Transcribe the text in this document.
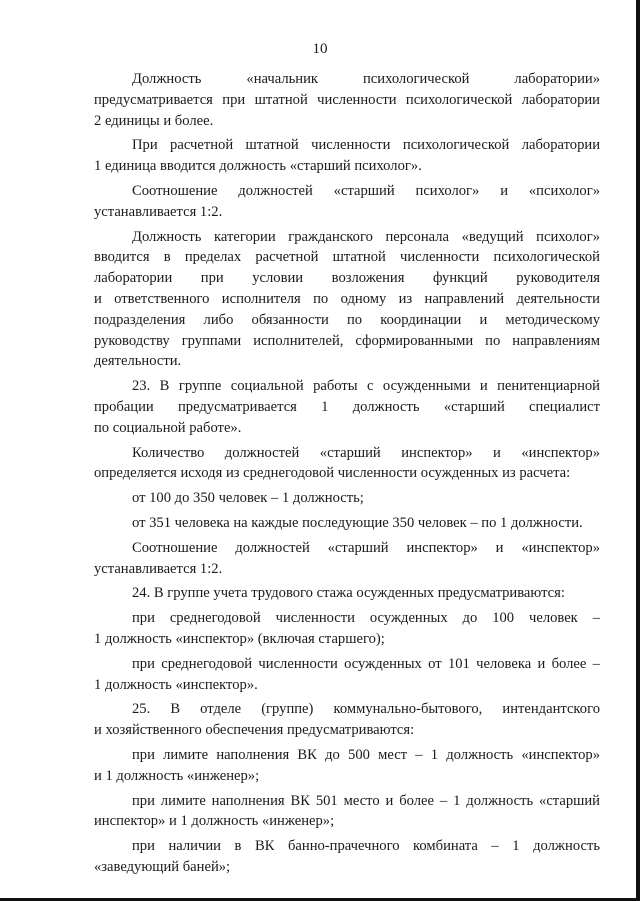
10
Должность «начальник психологической лаборатории»
предусматривается при штатной численности психологической лаборатории
2 единицы и более.
При расчетной штатной численности психологической лаборатории
1 единица вводится должность «старший психолог».
Соотношение должностей «старший психолог» и «психолог»
устанавливается 1:2.
Должность категории гражданского персонала «ведущий психолог»
вводится в пределах расчетной штатной численности психологической
лаборатории при условии возложения функций руководителя
и ответственного исполнителя по одному из направлений деятельности
подразделения либо обязанности по координации и методическому
руководству группами исполнителей, сформированными по направлениям
деятельности.
23. В группе социальной работы с осужденными и пенитенциарной
пробации предусматривается 1 должность «старший специалист
по социальной работе».
Количество должностей «старший инспектор» и «инспектор»
определяется исходя из среднегодовой численности осужденных из расчета:
от 100 до 350 человек – 1 должность;
от 351 человека на каждые последующие 350 человек – по 1 должности.
Соотношение должностей «старший инспектор» и «инспектор»
устанавливается 1:2.
24. В группе учета трудового стажа осужденных предусматриваются:
при среднегодовой численности осужденных до 100 человек –
1 должность «инспектор» (включая старшего);
при среднегодовой численности осужденных от 101 человека и более –
1 должность «инспектор».
25. В отделе (группе) коммунально-бытового, интендантского
и хозяйственного обеспечения предусматриваются:
при лимите наполнения ВК до 500 мест – 1 должность «инспектор»
и 1 должность «инженер»;
при лимите наполнения ВК 501 место и более – 1 должность «старший
инспектор» и 1 должность «инженер»;
при наличии в ВК банно-прачечного комбината – 1 должность
«заведующий баней»;
